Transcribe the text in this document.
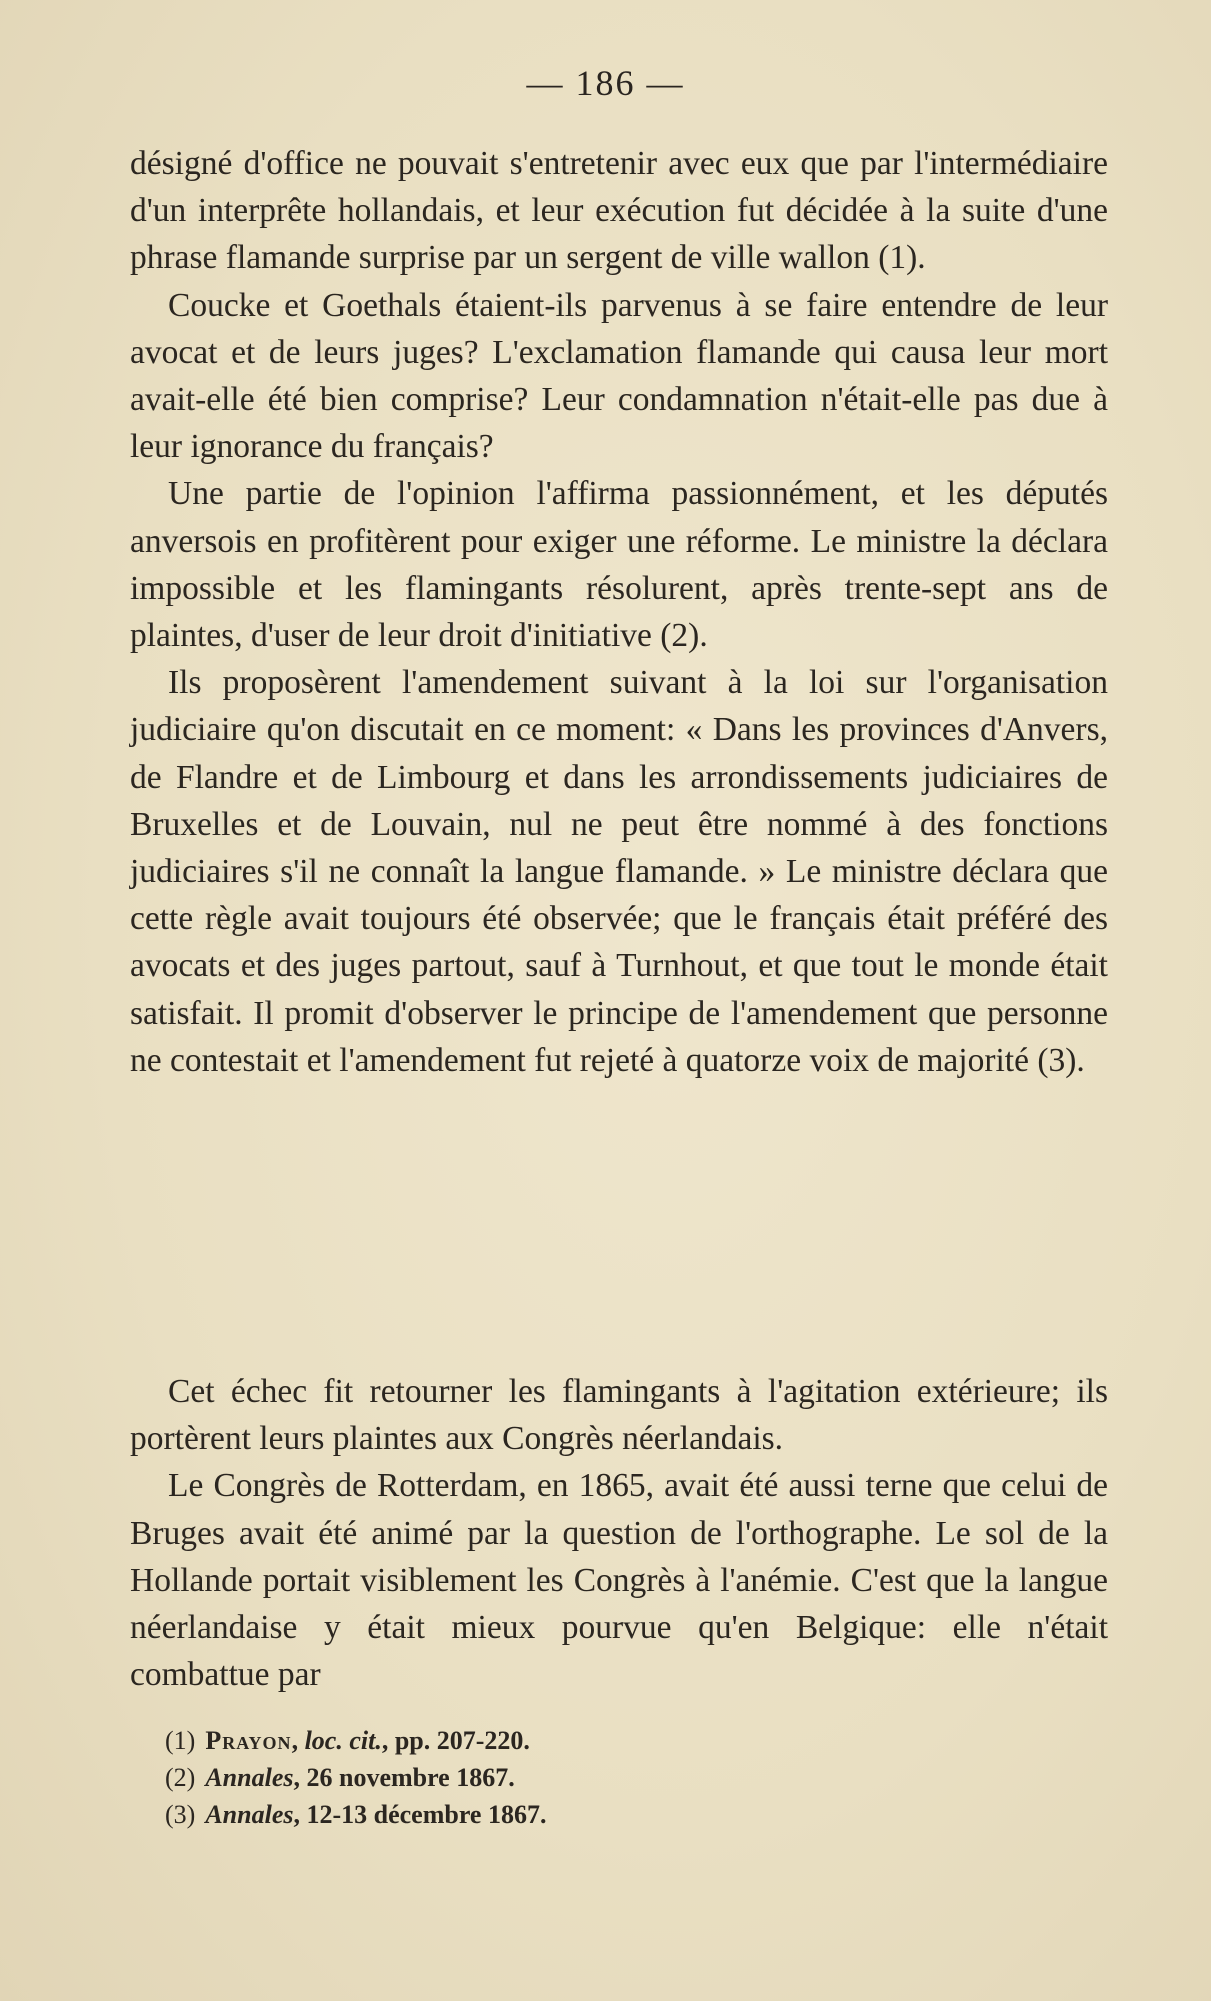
— 186 —

désigné d'office ne pouvait s'entretenir avec eux que par l'intermédiaire d'un interprête hollandais, et leur exécution fut décidée à la suite d'une phrase flamande surprise par un sergent de ville wallon (1).

Coucke et Goethals étaient-ils parvenus à se faire entendre de leur avocat et de leurs juges? L'exclamation flamande qui causa leur mort avait-elle été bien comprise? Leur condamnation n'était-elle pas due à leur ignorance du français?

Une partie de l'opinion l'affirma passionnément, et les députés anversois en profitèrent pour exiger une réforme. Le ministre la déclara impossible et les flamingants résolurent, après trente-sept ans de plaintes, d'user de leur droit d'initiative (2).

Ils proposèrent l'amendement suivant à la loi sur l'organisation judiciaire qu'on discutait en ce moment: « Dans les provinces d'Anvers, de Flandre et de Limbourg et dans les arrondissements judiciaires de Bruxelles et de Louvain, nul ne peut être nommé à des fonctions judiciaires s'il ne connaît la langue flamande. » Le ministre déclara que cette règle avait toujours été observée; que le français était préféré des avocats et des juges partout, sauf à Turnhout, et que tout le monde était satisfait. Il promit d'observer le principe de l'amendement que personne ne contestait et l'amendement fut rejeté à quatorze voix de majorité (3).

Cet échec fit retourner les flamingants à l'agitation extérieure; ils portèrent leurs plaintes aux Congrès néerlandais.

Le Congrès de Rotterdam, en 1865, avait été aussi terne que celui de Bruges avait été animé par la question de l'orthographe. Le sol de la Hollande portait visiblement les Congrès à l'anémie. C'est que la langue néerlandaise y était mieux pourvue qu'en Belgique: elle n'était combattue par

(1) Prayon, loc. cit., pp. 207-220.
(2) Annales, 26 novembre 1867.
(3) Annales, 12-13 décembre 1867.
